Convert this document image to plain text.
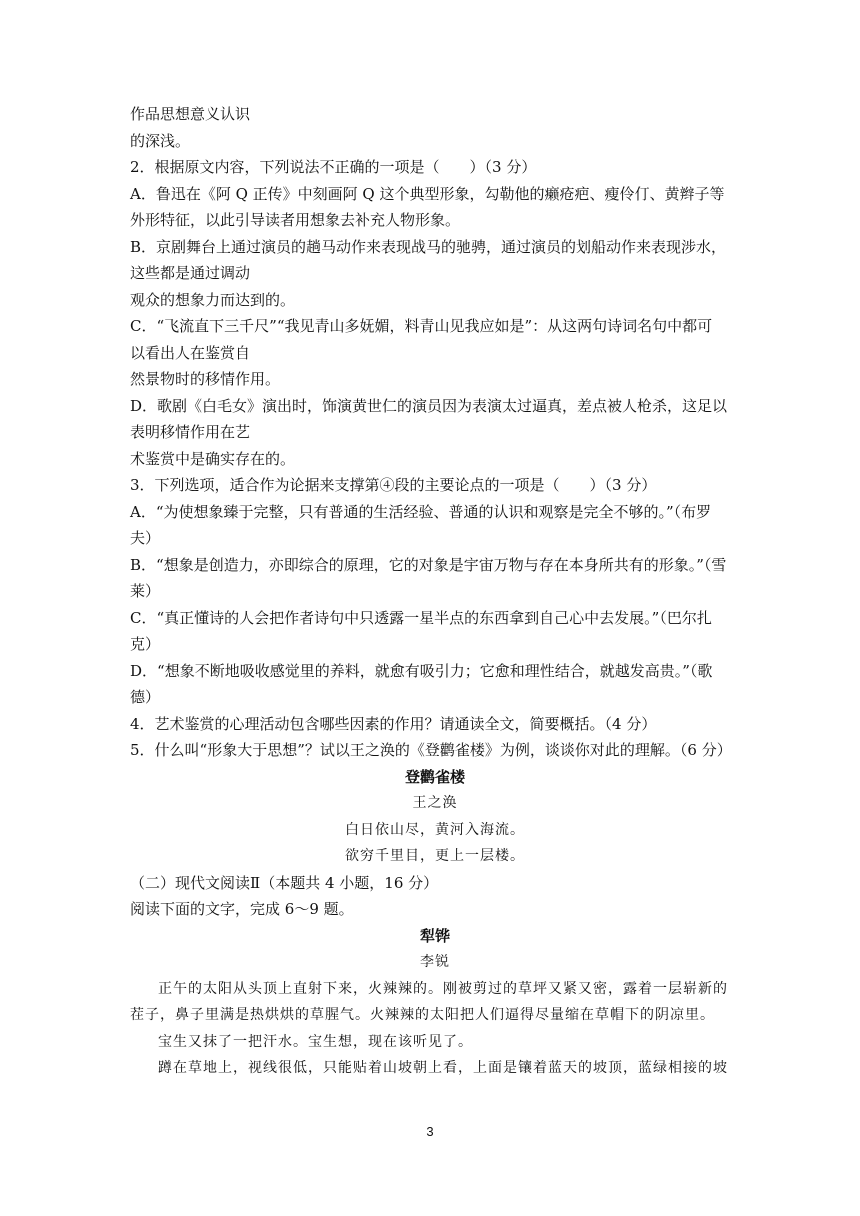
作品思想意义认识
的深浅。
2．根据原文内容，下列说法不正确的一项是（　　）（3 分）
A．鲁迅在《阿 Q 正传》中刻画阿 Q 这个典型形象，勾勒他的癞疮疤、瘦伶仃、黄辫子等
外形特征，以此引导读者用想象去补充人物形象。
B．京剧舞台上通过演员的趟马动作来表现战马的驰骋，通过演员的划船动作来表现涉水，
这些都是通过调动
观众的想象力而达到的。
C．“飞流直下三千尺”“我见青山多妩媚，料青山见我应如是”：从这两句诗词名句中都可
以看出人在鉴赏自
然景物时的移情作用。
D．歌剧《白毛女》演出时，饰演黄世仁的演员因为表演太过逼真，差点被人枪杀，这足以
表明移情作用在艺
术鉴赏中是确实存在的。
3．下列选项，适合作为论据来支撑第④段的主要论点的一项是（　　）（3 分）
A．“为使想象臻于完整，只有普通的生活经验、普通的认识和观察是完全不够的。”（布罗
夫）
B．“想象是创造力，亦即综合的原理，它的对象是宇宙万物与存在本身所共有的形象。”（雪
莱）
C．“真正懂诗的人会把作者诗句中只透露一星半点的东西拿到自己心中去发展。”（巴尔扎
克）
D．“想象不断地吸收感觉里的养料，就愈有吸引力；它愈和理性结合，就越发高贵。”（歌
德）
4．艺术鉴赏的心理活动包含哪些因素的作用？请通读全文，简要概括。（4 分）
5．什么叫“形象大于思想”？试以王之涣的《登鹳雀楼》为例，谈谈你对此的理解。（6 分）
登鹳雀楼
王之涣
白日依山尽，黄河入海流。
欲穷千里目，更上一层楼。
（二）现代文阅读Ⅱ（本题共 4 小题，16 分）
阅读下面的文字，完成 6～9 题。
犁铧
李锐
正午的太阳从头顶上直射下来，火辣辣的。刚被剪过的草坪又紧又密，露着一层崭新的
茬子，鼻子里满是热烘烘的草腥气。火辣辣的太阳把人们逼得尽量缩在草帽下的阴凉里。
宝生又抹了一把汗水。宝生想，现在该听见了。
蹲在草地上，视线很低，只能贴着山坡朝上看，上面是镶着蓝天的坡顶，蓝绿相接的坡
3
